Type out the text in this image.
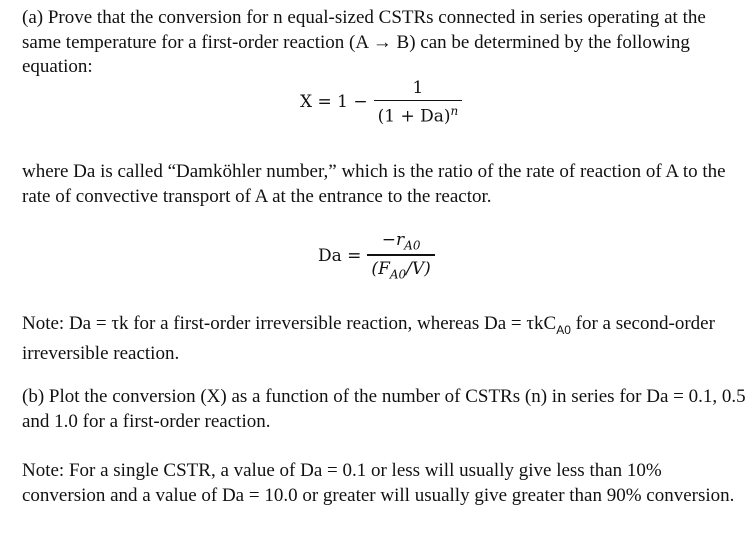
(a) Prove that the conversion for n equal-sized CSTRs connected in series operating at the same temperature for a first-order reaction (A → B) can be determined by the following equation:

$X = 1 - \frac{1}{(1 + Da)^n}$

where Da is called “Damköhler number,” which is the ratio of the rate of reaction of A to the rate of convective transport of A at the entrance to the reactor.

$Da = \frac{-r_{A0}}{(F_{A0}/V)}$

Note: Da = τk for a first-order irreversible reaction, whereas Da = τkC$_{A0}$ for a second-order irreversible reaction.

(b) Plot the conversion (X) as a function of the number of CSTRs (n) in series for Da = 0.1, 0.5 and 1.0 for a first-order reaction.

Note: For a single CSTR, a value of Da = 0.1 or less will usually give less than 10% conversion and a value of Da = 10.0 or greater will usually give greater than 90% conversion.
